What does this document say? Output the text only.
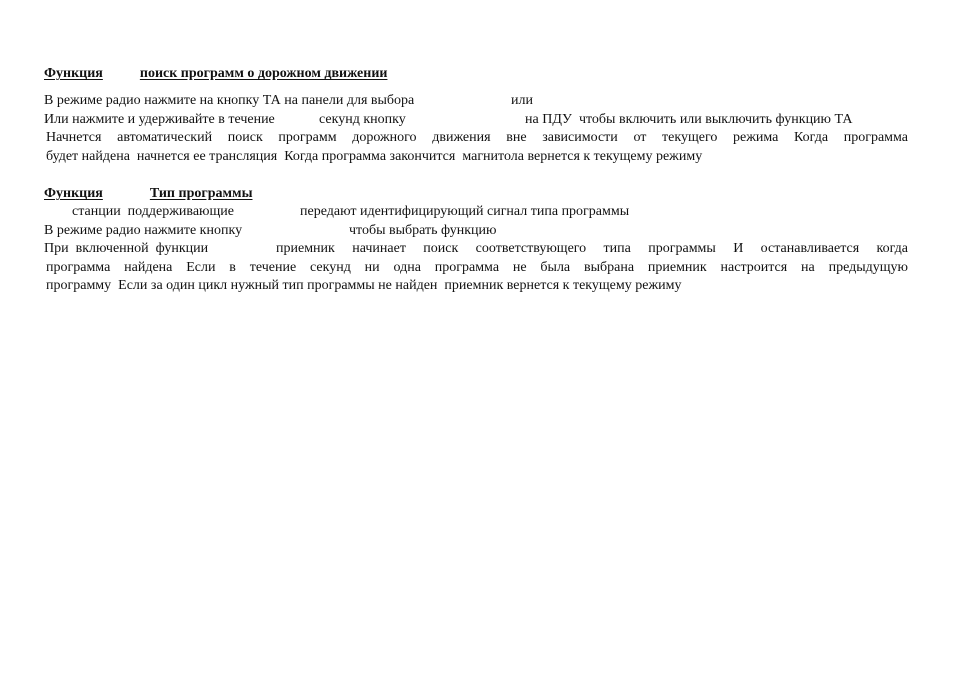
Функция	поиск программ о дорожном движении
В режиме радио нажмите на кнопку ТА на панели для выбора	или
Или нажмите и удерживайте в течение	секунд кнопку	на ПДУ  чтобы включить или выключить функцию ТА
Начнется автоматический поиск программ дорожного движения вне зависимости от текущего режима Когда программа
будет найдена  начнется ее трансляция  Когда программа закончится  магнитола вернется к текущему режиму
Функция	Тип программы
станции  поддерживающие	передают идентифицирующий сигнал типа программы
В режиме радио нажмите кнопку	чтобы выбрать функцию
При  включенной  функции	приемник начинает поиск соответствующего типа программы И останавливается когда
программа найдена Если в течение секунд ни одна программа не была выбрана приемник настроится на предыдущую
программу  Если за один цикл нужный тип программы не найден  приемник вернется к текущему режиму
